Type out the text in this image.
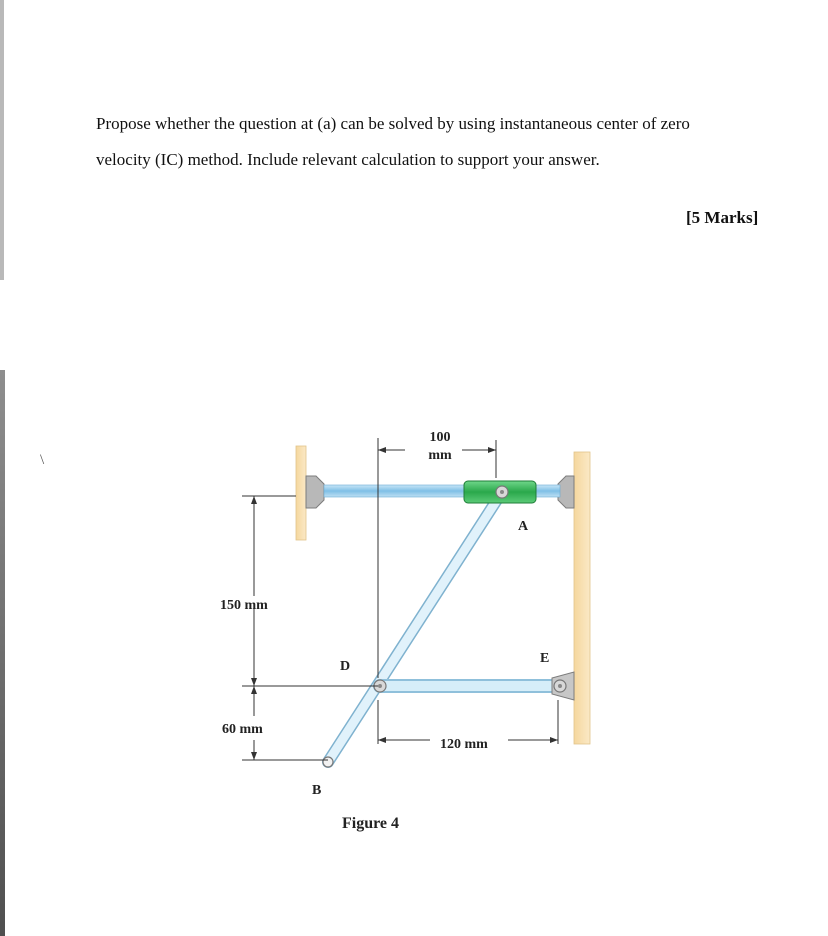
Propose whether the question at (a) can be solved by using instantaneous center of zero

velocity (IC) method. Include relevant calculation to support your answer.

[5 Marks]
\
100
mm
150 mm
60 mm
120 mm
A
D
E
B
Figure 4
